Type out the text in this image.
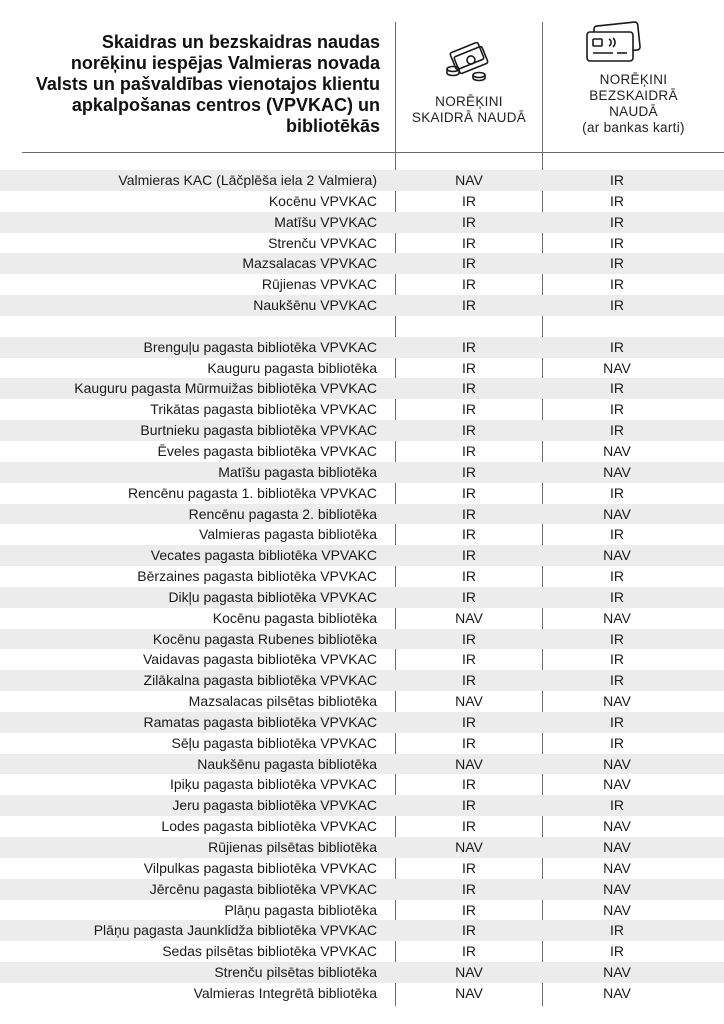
Skaidras un bezskaidras naudas norēķinu iespējas Valmieras novada Valsts un pašvaldības vienotajos klientu apkalpošanas centros (VPVKAC) un bibliotēkās
NORĒĶINI SKAIDRĀ NAUDĀ
NORĒĶINI BEZSKAIDRĀ NAUDĀ
(ar bankas karti)
Valmieras KAC (Lāčplēša iela 2 Valmiera)	NAV	IR
Kocēnu VPVKAC	IR	IR
Matīšu VPVKAC	IR	IR
Strenču VPVKAC	IR	IR
Mazsalacas VPVKAC	IR	IR
Rūjienas VPVKAC	IR	IR
Naukšēnu VPVKAC	IR	IR
Brenguļu pagasta bibliotēka VPVKAC	IR	IR
Kauguru pagasta bibliotēka	IR	NAV
Kauguru pagasta Mūrmuižas bibliotēka VPVKAC	IR	IR
Trikātas pagasta bibliotēka VPVKAC	IR	IR
Burtnieku pagasta bibliotēka VPVKAC	IR	IR
Ēveles pagasta bibliotēka VPVKAC	IR	NAV
Matīšu pagasta bibliotēka	IR	NAV
Rencēnu pagasta 1. bibliotēka VPVKAC	IR	IR
Rencēnu pagasta 2. bibliotēka	IR	NAV
Valmieras pagasta bibliotēka	IR	IR
Vecates pagasta bibliotēka VPVAKC	IR	NAV
Bērzaines pagasta bibliotēka VPVKAC	IR	IR
Dikļu pagasta bibliotēka VPVKAC	IR	IR
Kocēnu pagasta bibliotēka	NAV	NAV
Kocēnu pagasta Rubenes bibliotēka	IR	IR
Vaidavas pagasta bibliotēka VPVKAC	IR	IR
Zilākalna pagasta bibliotēka VPVKAC	IR	IR
Mazsalacas pilsētas bibliotēka	NAV	NAV
Ramatas pagasta bibliotēka VPVKAC	IR	IR
Sēļu pagasta bibliotēka VPVKAC	IR	IR
Naukšēnu pagasta bibliotēka	NAV	NAV
Ipiķu pagasta bibliotēka VPVKAC	IR	NAV
Jeru pagasta bibliotēka VPVKAC	IR	IR
Lodes pagasta bibliotēka VPVKAC	IR	NAV
Rūjienas pilsētas bibliotēka	NAV	NAV
Vilpulkas pagasta bibliotēka VPVKAC	IR	NAV
Jērcēnu pagasta bibliotēka VPVKAC	IR	NAV
Plāņu pagasta bibliotēka	IR	NAV
Plāņu pagasta Jaunklidža bibliotēka VPVKAC	IR	IR
Sedas pilsētas bibliotēka VPVKAC	IR	IR
Strenču pilsētas bibliotēka	NAV	NAV
Valmieras Integrētā bibliotēka	NAV	NAV
